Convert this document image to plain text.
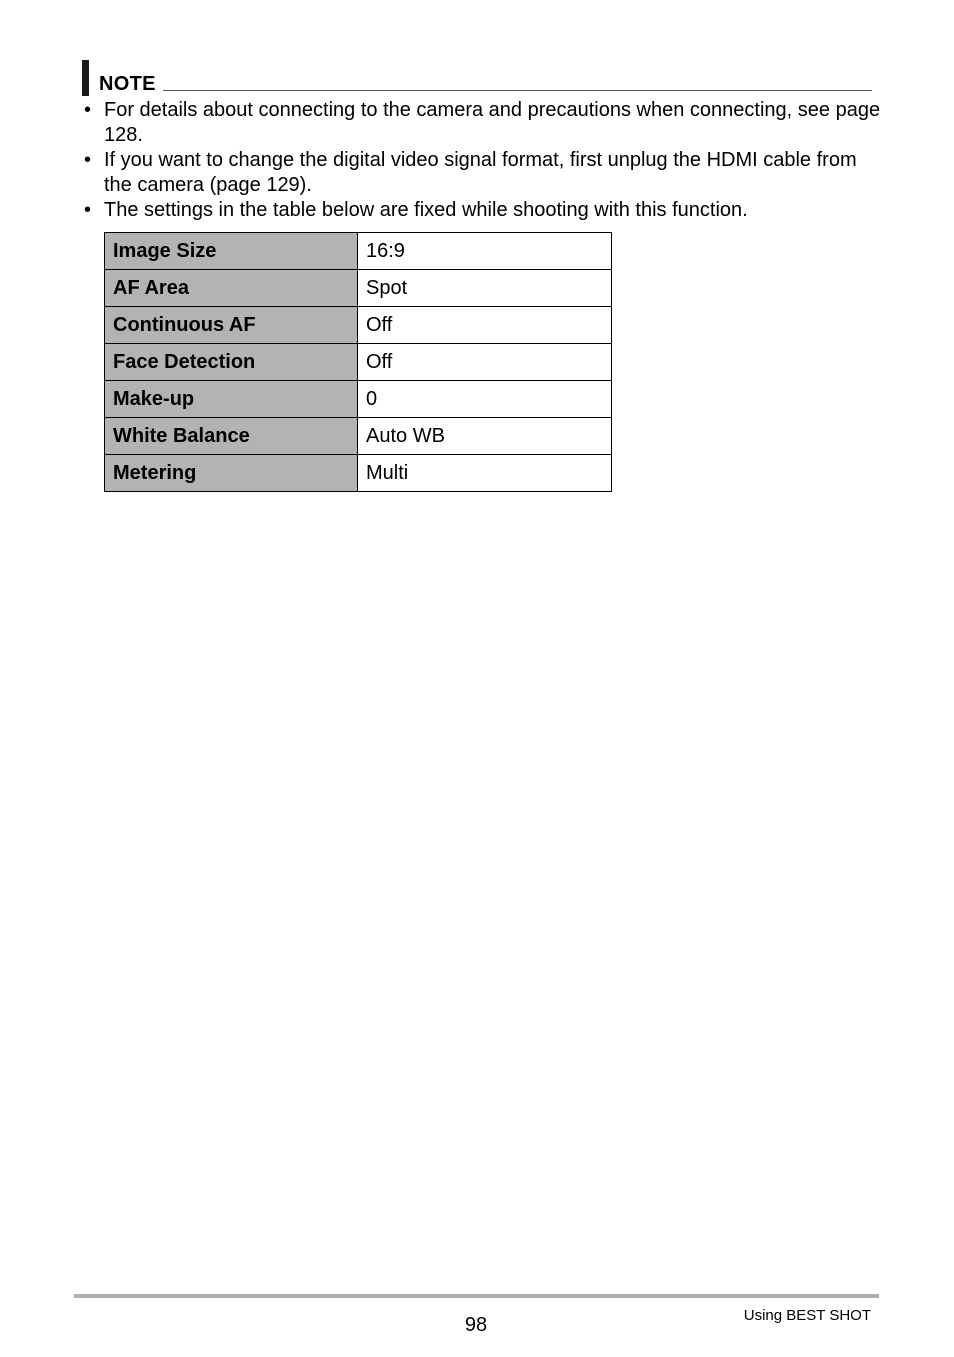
NOTE
• For details about connecting to the camera and precautions when connecting, see page 128.
• If you want to change the digital video signal format, first unplug the HDMI cable from the camera (page 129).
• The settings in the table below are fixed while shooting with this function.
Image Size	16:9
AF Area	Spot
Continuous AF	Off
Face Detection	Off
Make-up	0
White Balance	Auto WB
Metering	Multi
98	Using BEST SHOT
